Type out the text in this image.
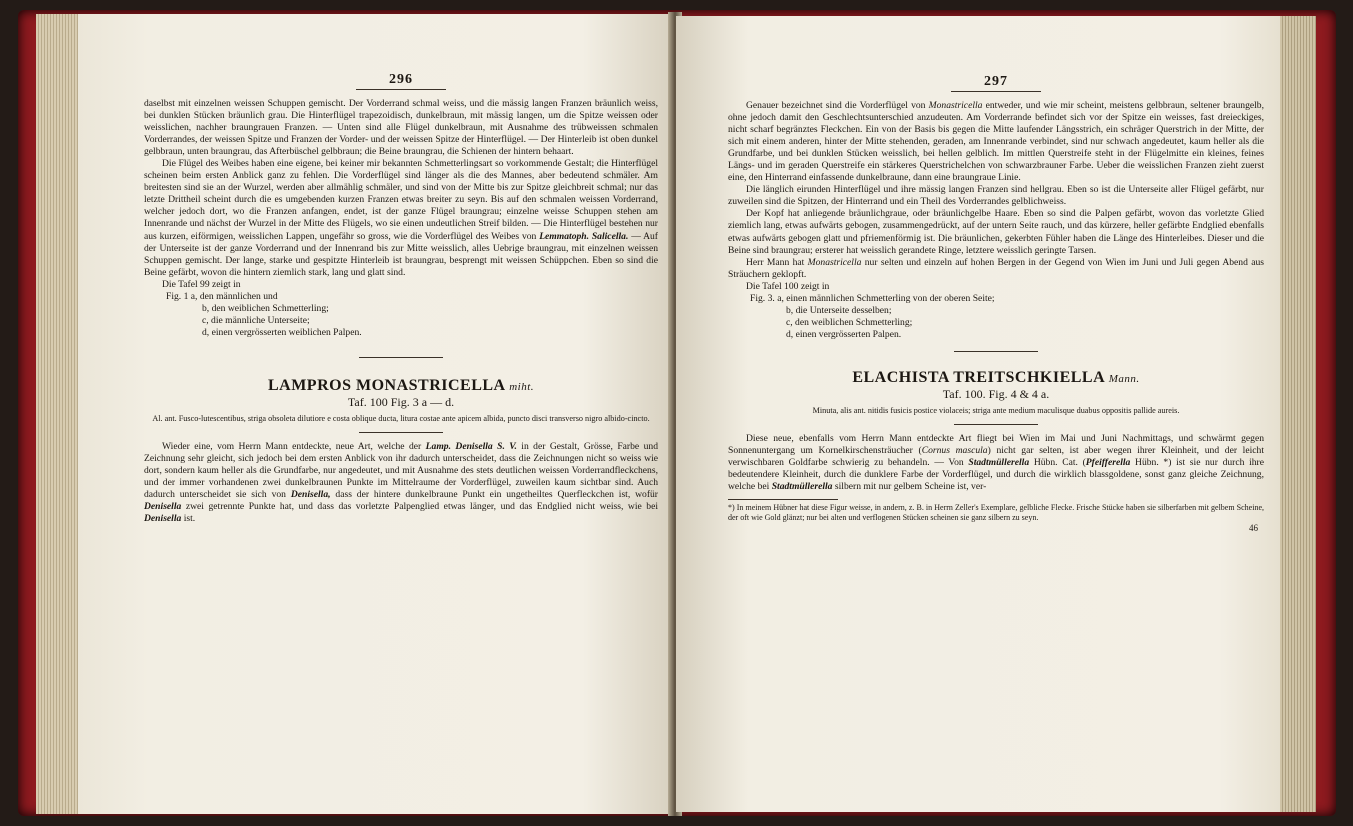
296

daselbst mit einzelnen weissen Schuppen gemischt. Der Vorderrand schmal weiss, und die mässig langen Franzen bräunlich weiss, bei dunklen Stücken bräunlich grau. Die Hinterflügel trapezoidisch, dunkelbraun, mit mässig langen, um die Spitze weissen oder weisslichen, nachher braungrauen Franzen. — Unten sind alle Flügel dunkelbraun, mit Ausnahme des trübweissen schmalen Vorderrandes, der weissen Spitze und Franzen der Vorder- und der weissen Spitze der Hinterflügel. — Der Hinterleib ist oben dunkel gelbbraun, unten braungrau, das Afterbüschel gelbbraun; die Beine braungrau, die Schienen der hintern behaart.

Die Flügel des Weibes haben eine eigene, bei keiner mir bekannten Schmetterlingsart so vorkommende Gestalt; die Hinterflügel scheinen beim ersten Anblick ganz zu fehlen. Die Vorderflügel sind länger als die des Mannes, aber bedeutend schmäler. Am breitesten sind sie an der Wurzel, werden aber allmählig schmäler, und sind von der Mitte bis zur Spitze gleichbreit schmal; nur das letzte Drittheil scheint durch die es umgebenden kurzen Franzen etwas breiter zu seyn. Bis auf den schmalen weissen Vorderrand, welcher jedoch dort, wo die Franzen anfangen, endet, ist der ganze Flügel braungrau; einzelne weisse Schuppen stehen am Innenrande und nächst der Wurzel in der Mitte des Flügels, wo sie einen undeutlichen Streif bilden. — Die Hinterflügel bestehen nur aus kurzen, eiförmigen, weisslichen Lappen, ungefähr so gross, wie die Vorderflügel des Weibes von Lemmatoph. Salicella. — Auf der Unterseite ist der ganze Vorderrand und der Innenrand bis zur Mitte weisslich, alles Uebrige braungrau, mit einzelnen weissen Schuppen gemischt. Der lange, starke und gespitzte Hinterleib ist braungrau, besprengt mit weissen Schüppchen. Eben so sind die Beine gefärbt, wovon die hintern ziemlich stark, lang und glatt sind.

Die Tafel 99 zeigt in

Fig. 1 a, den männlichen und
b, den weiblichen Schmetterling;
c, die männliche Unterseite;
d, einen vergrösserten weiblichen Palpen.
LAMPROS MONASTRICELLA miht.
Taf. 100 Fig. 3 a — d.
Al. ant. Fusco-lutescentibus, striga obsoleta dilutiore e costa oblique ducta, litura costae ante apicem albida, puncto disci transverso nigro albido-cincto.

Wieder eine, vom Herrn Mann entdeckte, neue Art, welche der Lamp. Denisella S. V. in der Gestalt, Grösse, Farbe und Zeichnung sehr gleicht, sich jedoch bei dem ersten Anblick von ihr dadurch unterscheidet, dass die Zeichnungen nicht so weiss wie dort, sondern kaum heller als die Grundfarbe, nur angedeutet, und mit Ausnahme des stets deutlichen weissen Vorderrandfleckchens, und der immer vorhandenen zwei dunkelbraunen Punkte im Mittelraume der Vorderflügel, zuweilen kaum sichtbar sind. Auch dadurch unterscheidet sie sich von Denisella, dass der hintere dunkelbraune Punkt ein ungetheiltes Querfleckchen ist, wofür Denisella zwei getrennte Punkte hat, und dass das vorletzte Palpenglied etwas länger, und das Endglied nicht weiss, wie bei Denisella ist.

297

Genauer bezeichnet sind die Vorderflügel von Monastricella entweder, und wie mir scheint, meistens gelbbraun, seltener braungelb, ohne jedoch damit den Geschlechtsunterschied anzudeuten. Am Vorderrande befindet sich vor der Spitze ein weisses, fast dreieckiges, nicht scharf begränztes Fleckchen. Ein von der Basis bis gegen die Mitte laufender Längsstrich, ein schräger Querstrich in der Mitte, der sich mit einem anderen, hinter der Mitte stehenden, geraden, am Innenrande verbindet, sind nur schwach angedeutet, kaum heller als die Grundfarbe, und bei dunklen Stücken weisslich, bei hellen gelblich. Im mittlen Querstreife steht in der Flügelmitte ein kleines, feines Längs- und im geraden Querstreife ein stärkeres Querstrichelchen von schwarzbrauner Farbe. Ueber die weisslichen Franzen zieht zuerst eine, den Hinterrand einfassende dunkelbraune, dann eine braungraue Linie.

Die länglich eirunden Hinterflügel und ihre mässig langen Franzen sind hellgrau. Eben so ist die Unterseite aller Flügel gefärbt, nur zuweilen sind die Spitzen, der Hinterrand und ein Theil des Vorderrandes gelblichweiss.

Der Kopf hat anliegende bräunlichgraue, oder bräunlichgelbe Haare. Eben so sind die Palpen gefärbt, wovon das vorletzte Glied ziemlich lang, etwas aufwärts gebogen, zusammengedrückt, auf der untern Seite rauch, und das kürzere, heller gefärbte Endglied ebenfalls etwas aufwärts gebogen glatt und pfriemenförmig ist. Die bräunlichen, gekerbten Fühler haben die Länge des Hinterleibes. Dieser und die Beine sind braungrau; ersterer hat weisslich gerandete Ringe, letztere weisslich geringte Tarsen.

Herr Mann hat Monastricella nur selten und einzeln auf hohen Bergen in der Gegend von Wien im Juni und Juli gegen Abend aus Sträuchern geklopft.

Die Tafel 100 zeigt in

Fig. 3. a, einen männlichen Schmetterling von der oberen Seite;
b, die Unterseite desselben;
c, den weiblichen Schmetterling;
d, einen vergrösserten Palpen.
ELACHISTA TREITSCHKIELLA Mann.
Taf. 100. Fig. 4 & 4 a.
Minuta, alis ant. nitidis fusicis postice violaceis; striga ante medium maculisque duabus oppositis pallide aureis.

Diese neue, ebenfalls vom Herrn Mann entdeckte Art fliegt bei Wien im Mai und Juni Nachmittags, und schwärmt gegen Sonnenuntergang um Kornelkirschensträucher (Cornus mascula) nicht gar selten, ist aber wegen ihrer Kleinheit, und der leicht verwischbaren Goldfarbe schwierig zu behandeln. — Von Stadtmüllerella Hübn. Cat. (Pfeifferella Hübn. *) ist sie nur durch ihre bedeutendere Kleinheit, durch die dunklere Farbe der Vorderflügel, und durch die wirklich blassgoldene, sonst ganz gleiche Zeichnung, welche bei Stadtmüllerella silbern mit nur gelbem Scheine ist, ver-

*) In meinem Hübner hat diese Figur weisse, in andern, z. B. in Herrn Zeller's Exemplare, gelbliche Flecke. Frische Stücke haben sie silberfarben mit gelbem Scheine, der oft wie Gold glänzt; nur bei alten und verflogenen Stücken scheinen sie ganz silbern zu seyn.
46
